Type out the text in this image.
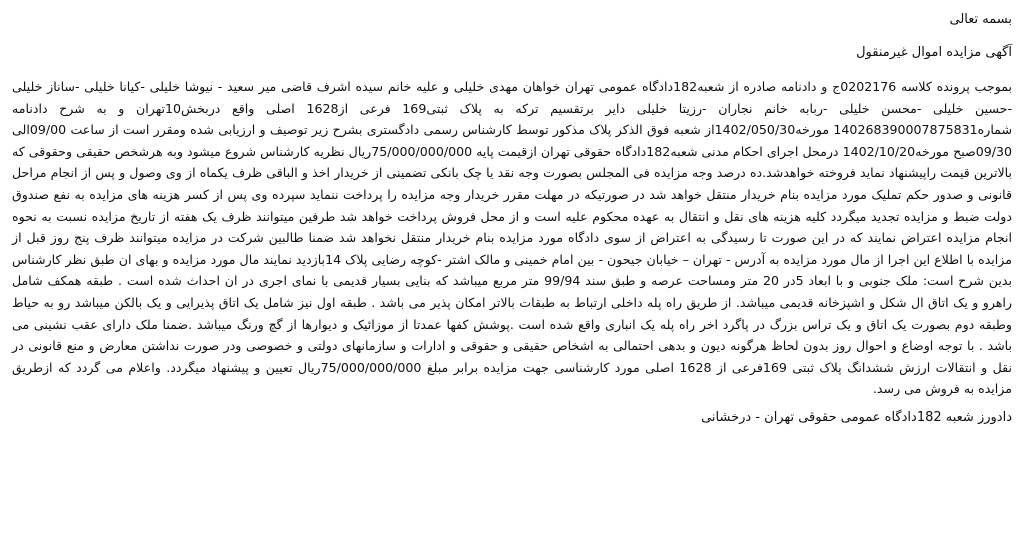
بسمه تعالی

آگهی مزایده اموال غیرمنقول

بموجب پرونده کلاسه 0202176ج و دادنامه صادره از شعبه182دادگاه عمومی تهران خواهان مهدی خلیلی و علیه خانم سیده اشرف قاضی میر سعید - نیوشا خلیلی -کیانا خلیلی -ساناز خلیلی -حسین خلیلی -محسن خلیلی -ربابه خانم نجاران -رزیتا خلیلی دایر برتقسیم ترکه به پلاک ثبتی169 فرعی از1628 اصلی واقع دربخش10تهران و به شرح دادنامه شماره140268390007875831 مورخه1402/050/30از شعبه فوق الذکر پلاک مذکور توسط کارشناس رسمی دادگستری بشرح زیر توصیف و ارزیابی شده ومقرر است از ساعت 09/00الی 09/30صبح مورخه1402/10/20 درمحل اجرای احکام مدنی شعبه182دادگاه حقوقی تهران ازقیمت پایه 75/000/000/000ریال نظریه کارشناس شروع میشود وبه هرشخص حقیقی وحقوقی که بالاترین قیمت راپیشنهاد نماید فروخته خواهدشد.ده درصد وجه مزایده فی المجلس بصورت وجه نقد یا چک بانکی تضمینی از خریدار اخذ و الباقی ظرف یکماه از وی وصول و پس از انجام مراحل قانونی و صدور حکم تملیک مورد مزایده بنام خریدار منتقل خواهد شد در صورتیکه در مهلت مقرر خریدار وجه مزایده را پرداخت ننماید سپرده وی پس از کسر هزینه های مزایده به نفع صندوق دولت ضبط و مزایده تجدید میگردد کلیه هزینه های نقل و انتقال به عهده محکوم علیه است و از محل فروش پرداخت خواهد شد طرفین میتوانند ظرف یک هفته از تاریخ مزایده نسبت به نحوه انجام مزایده اعتراض نمایند که در این صورت تا رسیدگی به اعتراض از سوی دادگاه مورد مزایده بنام خریدار منتقل نخواهد شد ضمنا طالبین شرکت در مزایده میتوانند ظرف پنج روز قبل از مزایده با اطلاع این اجرا از مال مورد مزایده به آدرس - تهران – خیابان جیحون - بین امام خمینی و مالک اشتر -کوچه رضایی پلاک 14بازدید نمایند مال مورد مزایده و بهای ان طبق نظر کارشناس بدین شرح است: ملک جنوبی و با ابعاد 5در 20 متر ومساحت عرصه و طبق سند 99/94 متر مربع میباشد که بنایی بسیار قدیمی با نمای اجری در ان احداث شده است . طبقه همکف شامل راهرو و یک اتاق ال شکل و اشپزخانه قدیمی میباشد. از طریق راه پله داخلی ارتباط به طبقات بالاتر امکان پذیر می باشد . طبقه اول نیز شامل یک اتاق پذیرایی و یک بالکن میباشد رو به حیاط وطبقه دوم بصورت یک اتاق و یک تراس بزرگ در پاگرد اخر راه پله یک انباری واقع شده است .پوشش کفها عمدتا از موزائیک و دیوارها از گچ ورنگ میباشد .ضمنا ملک دارای عقب نشینی می باشد . با توجه اوضاع و احوال روز بدون لحاظ هرگونه دیون و بدهی احتمالی به اشخاص حقیقی و حقوقی و ادارات و سازمانهای دولتی و خصوصی ودر صورت نداشتن معارض و منع قانونی در نقل و انتقالات ارزش ششدانگ پلاک ثبتی 169فرعی از 1628 اصلی مورد کارشناسی جهت مزایده برابر مبلغ 75/000/000/000ریال تعیین و پیشنهاد میگردد. واعلام می گردد که ازطریق مزایده به فروش می رسد.

دادورز شعبه 182دادگاه عمومی حقوقی تهران - درخشانی
